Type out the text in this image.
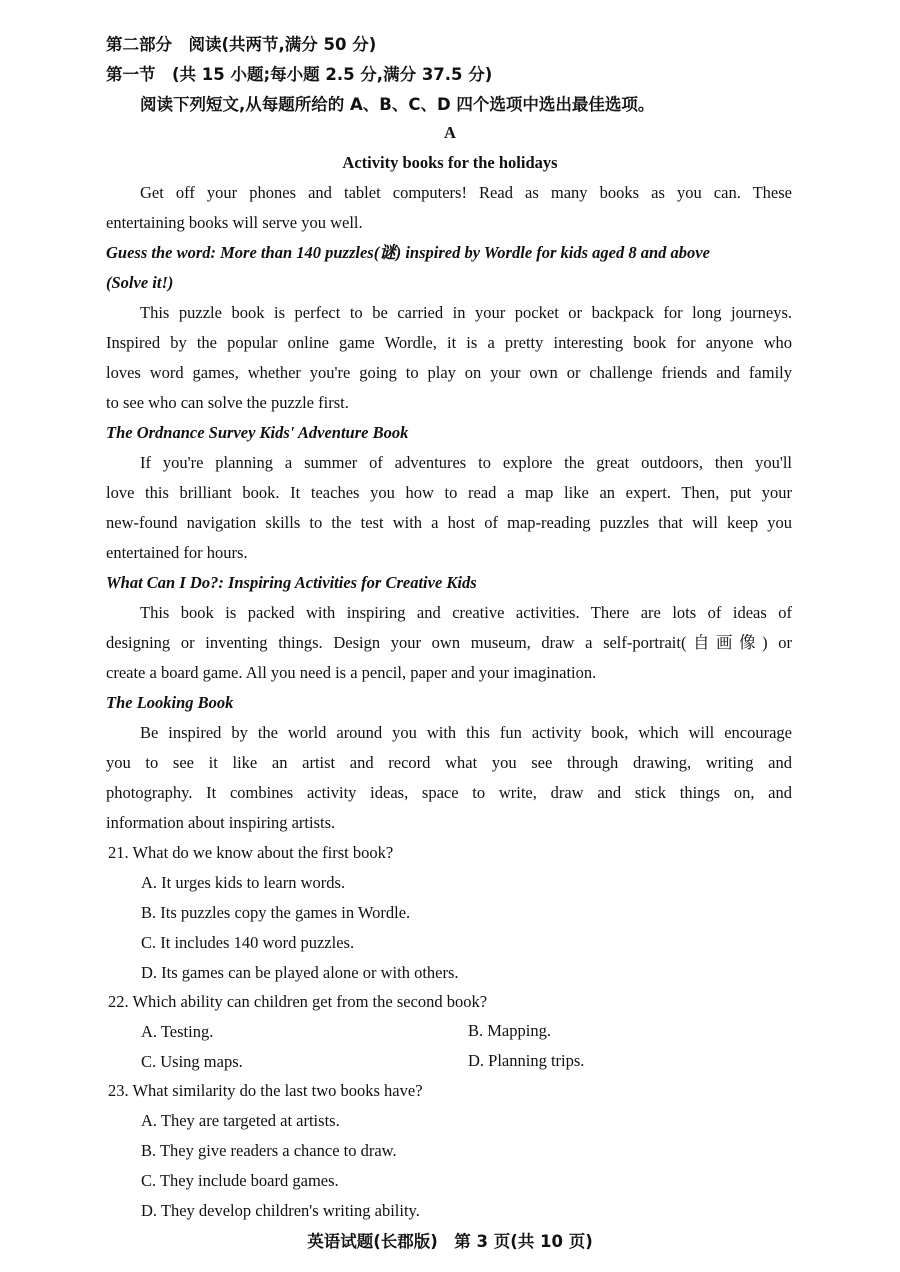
第二部分　阅读(共两节,满分 50 分)
第一节　(共 15 小题;每小题 2.5 分,满分 37.5 分)
阅读下列短文,从每题所给的 A、B、C、D 四个选项中选出最佳选项。
A
Activity books for the holidays
Get off your phones and tablet computers! Read as many books as you can. These
entertaining books will serve you well.
Guess the word: More than 140 puzzles(谜) inspired by Wordle for kids aged 8 and above
(Solve it!)
This puzzle book is perfect to be carried in your pocket or backpack for long journeys.
Inspired by the popular online game Wordle, it is a pretty interesting book for anyone who
loves word games, whether you're going to play on your own or challenge friends and family
to see who can solve the puzzle first.
The Ordnance Survey Kids' Adventure Book
If you're planning a summer of adventures to explore the great outdoors, then you'll
love this brilliant book. It teaches you how to read a map like an expert. Then, put your
new-found navigation skills to the test with a host of map-reading puzzles that will keep you
entertained for hours.
What Can I Do?: Inspiring Activities for Creative Kids
This book is packed with inspiring and creative activities. There are lots of ideas of
designing or inventing things. Design your own museum, draw a self-portrait(自画像) or
create a board game. All you need is a pencil, paper and your imagination.
The Looking Book
Be inspired by the world around you with this fun activity book, which will encourage
you to see it like an artist and record what you see through drawing, writing and
photography. It combines activity ideas, space to write, draw and stick things on, and
information about inspiring artists.
21. What do we know about the first book?
A. It urges kids to learn words.
B. Its puzzles copy the games in Wordle.
C. It includes 140 word puzzles.
D. Its games can be played alone or with others.
22. Which ability can children get from the second book?
A. Testing.	B. Mapping.
C. Using maps.	D. Planning trips.
23. What similarity do the last two books have?
A. They are targeted at artists.
B. They give readers a chance to draw.
C. They include board games.
D. They develop children's writing ability.
英语试题(长郡版)　第 3 页(共 10 页)
